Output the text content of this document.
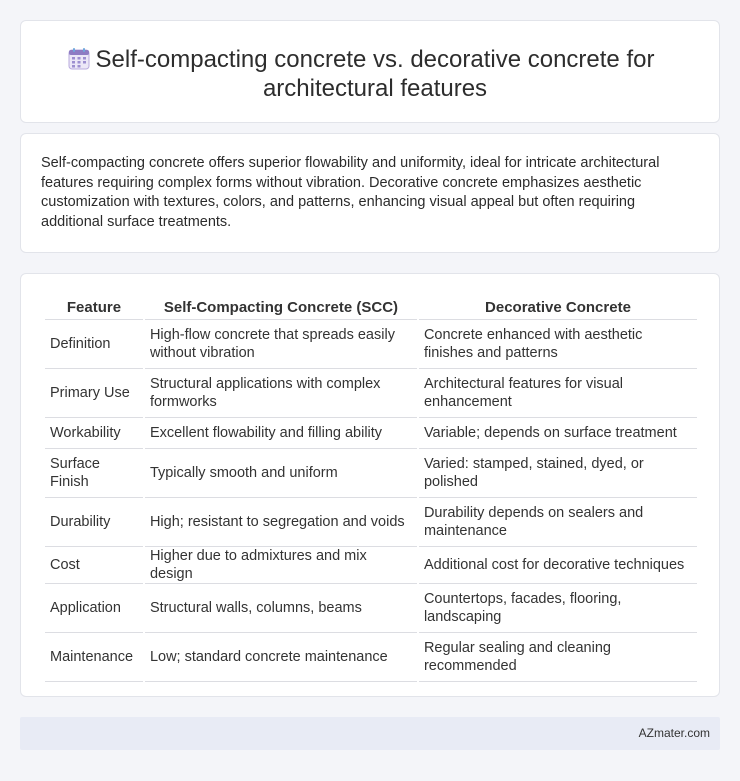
Self-compacting concrete vs. decorative concrete for architectural features

Self-compacting concrete offers superior flowability and uniformity, ideal for intricate architectural features requiring complex forms without vibration. Decorative concrete emphasizes aesthetic customization with textures, colors, and patterns, enhancing visual appeal but often requiring additional surface treatments.

Feature	Self-Compacting Concrete (SCC)	Decorative Concrete
Definition	High-flow concrete that spreads easily without vibration	Concrete enhanced with aesthetic finishes and patterns
Primary Use	Structural applications with complex formworks	Architectural features for visual enhancement
Workability	Excellent flowability and filling ability	Variable; depends on surface treatment
Surface Finish	Typically smooth and uniform	Varied: stamped, stained, dyed, or polished
Durability	High; resistant to segregation and voids	Durability depends on sealers and maintenance
Cost	Higher due to admixtures and mix design	Additional cost for decorative techniques
Application	Structural walls, columns, beams	Countertops, facades, flooring, landscaping
Maintenance	Low; standard concrete maintenance	Regular sealing and cleaning recommended
AZmater.com
